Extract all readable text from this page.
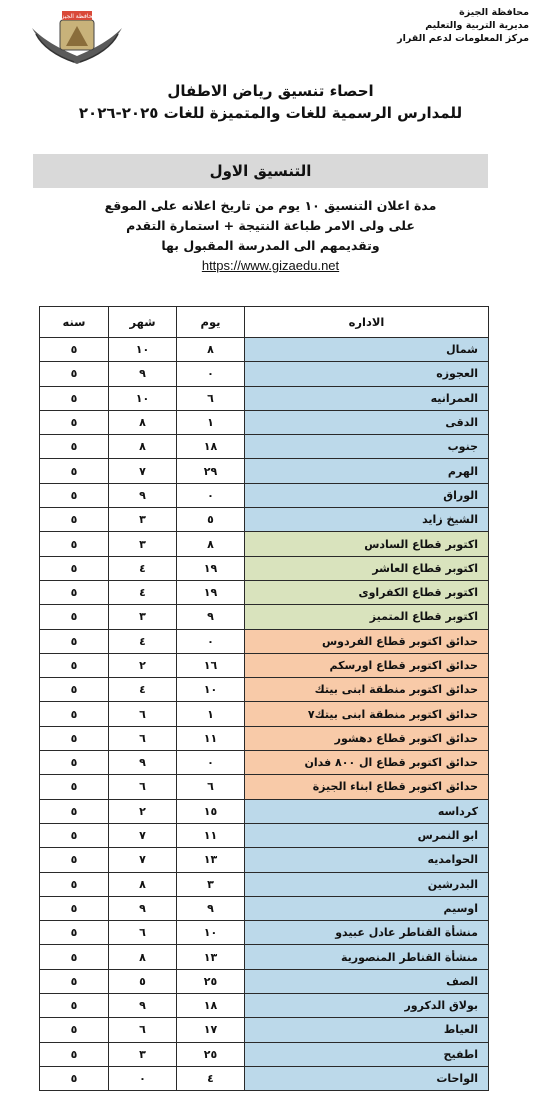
محافظة الجيزة
مديرية التربية والتعليم
مركز المعلومات لدعم القرار
محافظة الجيزة
احصاء تنسيق رياض الاطفال
للمدارس الرسمية للغات والمتميزة للغات ٢٠٢٥-٢٠٢٦
التنسيق الاول
مدة اعلان التنسيق ١٠ يوم من تاريخ اعلانه على الموقع
على ولى الامر طباعة النتيجة + استمارة التقدم
وتقديمهم الى المدرسة المقبول بها
https://www.gizaedu.net
الاداره	يوم	شهر	سنه
شمال	٨	١٠	٥
العجوزه	٠	٩	٥
العمرانيه	٦	١٠	٥
الدقى	١	٨	٥
جنوب	١٨	٨	٥
الهرم	٢٩	٧	٥
الوراق	٠	٩	٥
الشيخ زايد	٥	٣	٥
اكتوبر قطاع السادس	٨	٣	٥
اكتوبر قطاع العاشر	١٩	٤	٥
اكتوبر قطاع الكفراوى	١٩	٤	٥
اكتوبر قطاع المتميز	٩	٣	٥
حدائق اكتوبر قطاع الفردوس	٠	٤	٥
حدائق اكتوبر قطاع اورسكم	١٦	٢	٥
حدائق اكتوبر منطقة ابنى بيتك	١٠	٤	٥
حدائق اكتوبر منطقة ابنى بيتك٧	١	٦	٥
حدائق اكتوبر قطاع دهشور	١١	٦	٥
حدائق اكتوبر قطاع ال ٨٠٠ فدان	٠	٩	٥
حدائق اكتوبر قطاع ابناء الجيزة	٦	٦	٥
كرداسه	١٥	٢	٥
ابو النمرس	١١	٧	٥
الحوامديه	١٣	٧	٥
البدرشين	٣	٨	٥
اوسيم	٩	٩	٥
منشأة القناطر عادل عبيدو	١٠	٦	٥
منشأة القناطر المنصورية	١٣	٨	٥
الصف	٢٥	٥	٥
بولاق الدكرور	١٨	٩	٥
العياط	١٧	٦	٥
اطفيح	٢٥	٣	٥
الواحات	٤	٠	٥
